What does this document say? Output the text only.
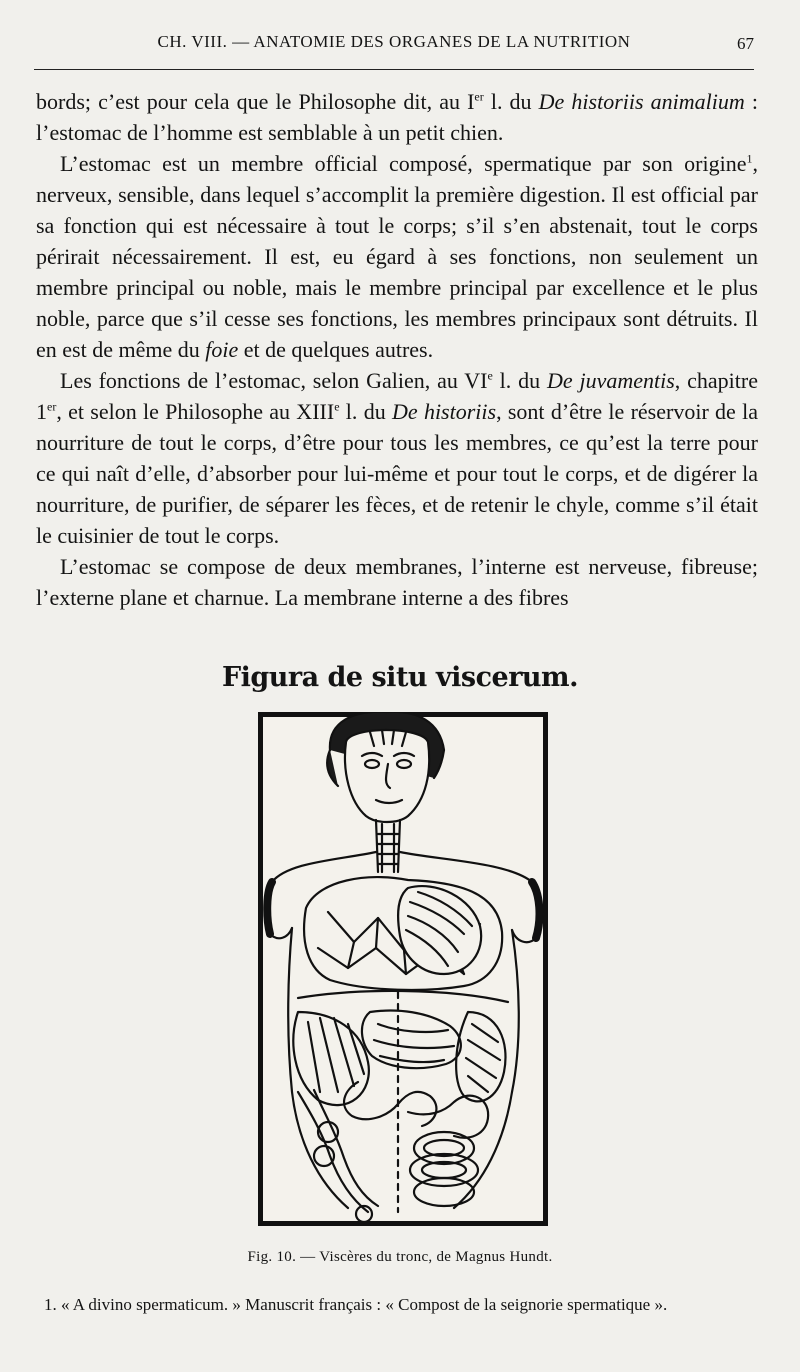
CH. VIII. — ANATOMIE DES ORGANES DE LA NUTRITION	67

bords; c’est pour cela que le Philosophe dit, au Ier l. du De historiis animalium : l’estomac de l’homme est semblable à un petit chien.

L’estomac est un membre official composé, spermatique par son origine$^1$, nerveux, sensible, dans lequel s’accomplit la première digestion. Il est official par sa fonction qui est nécessaire à tout le corps; s’il s’en abstenait, tout le corps périrait nécessairement. Il est, eu égard à ses fonctions, non seulement un membre principal ou noble, mais le membre principal par excellence et le plus noble, parce que s’il cesse ses fonctions, les membres principaux sont détruits. Il en est de même du foie et de quelques autres.

Les fonctions de l’estomac, selon Galien, au VIe l. du De juvamentis, chapitre 1er, et selon le Philosophe au XIIIe l. du De historiis, sont d’être le réservoir de la nourriture de tout le corps, d’être pour tous les membres, ce qu’est la terre pour ce qui naît d’elle, d’absorber pour lui-même et pour tout le corps, et de digérer la nourriture, de purifier, de séparer les fèces, et de retenir le chyle, comme s’il était le cuisinier de tout le corps.

L’estomac se compose de deux membranes, l’interne est nerveuse, fibreuse; l’externe plane et charnue. La membrane interne a des fibres

Figura de situ viscerum.
Fig. 10. — Viscères du tronc, de Magnus Hundt.
1. « A divino spermaticum. » Manuscrit français : « Compost de la seignorie spermatique ».
